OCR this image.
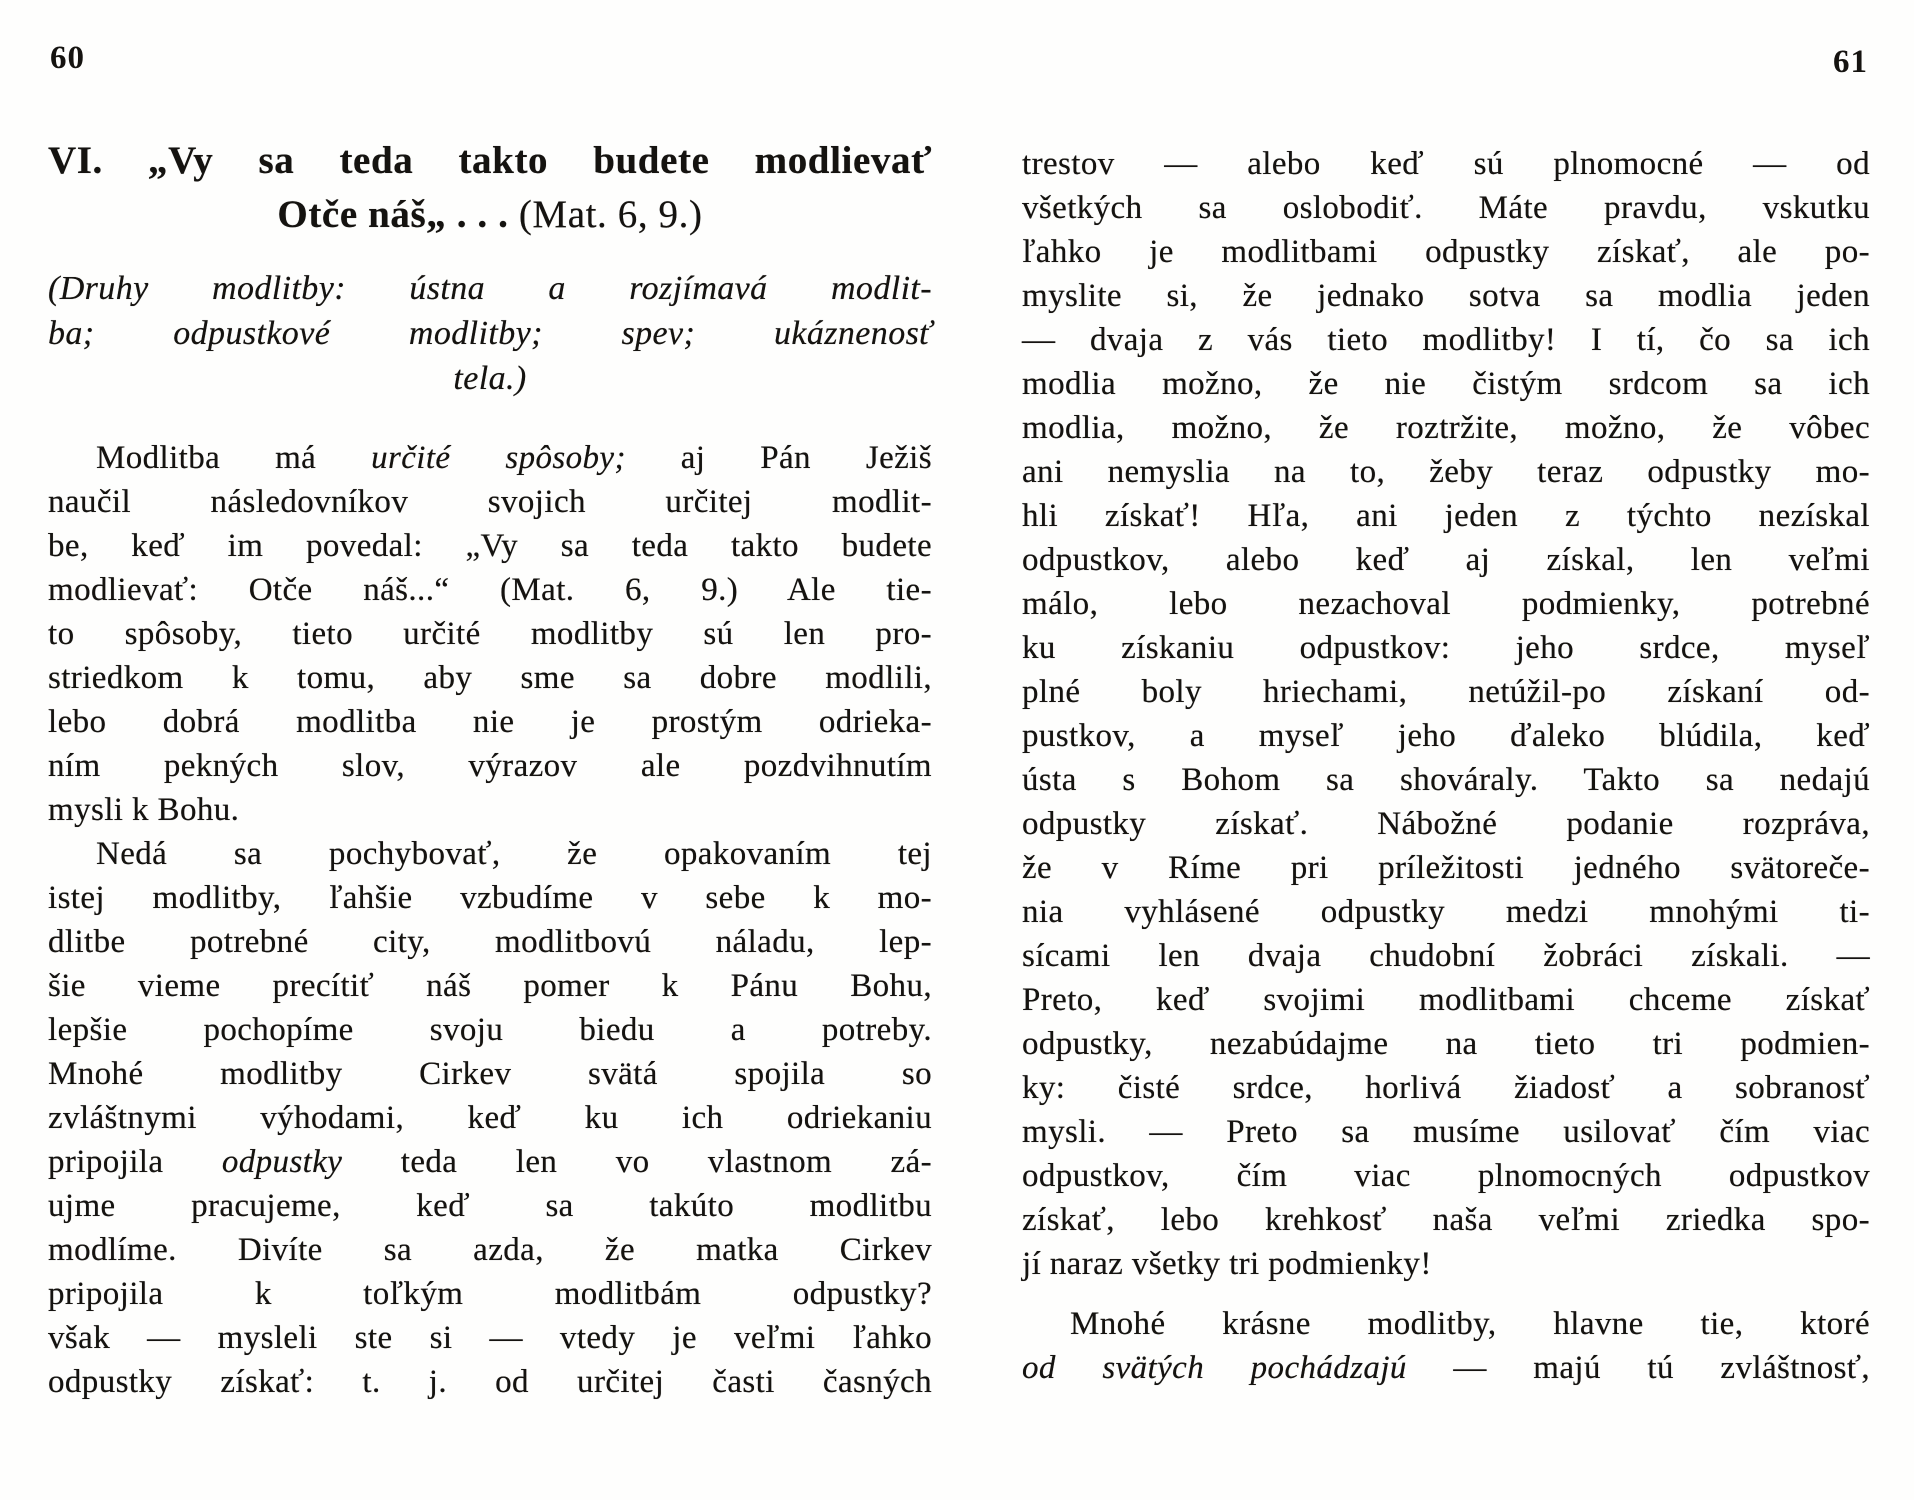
60
VI. „Vy sa teda takto budete modlievať
Otče náš„ . . . (Mat. 6, 9.)
(Druhy modlitby: ústna a rozjímavá modlit-
ba; odpustkové modlitby; spev; ukáznenosť
tela.)
Modlitba má určité spôsoby; aj Pán Ježiš
naučil následovníkov svojich určitej modlit-
be, keď im povedal: „Vy sa teda takto budete
modlievať: Otče náš...“ (Mat. 6, 9.) Ale tie-
to spôsoby, tieto určité modlitby sú len pro-
striedkom k tomu, aby sme sa dobre modlili,
lebo dobrá modlitba nie je prostým odrieka-
ním pekných slov, výrazov ale pozdvihnutím
mysli k Bohu.
Nedá sa pochybovať, že opakovaním tej
istej modlitby, ľahšie vzbudíme v sebe k mo-
dlitbe potrebné city, modlitbovú náladu, lep-
šie vieme precítiť náš pomer k Pánu Bohu,
lepšie pochopíme svoju biedu a potreby.
Mnohé modlitby Cirkev svätá spojila so
zvláštnymi výhodami, keď ku ich odriekaniu
pripojila odpustky teda len vo vlastnom zá-
ujme pracujeme, keď sa takúto modlitbu
modlíme. Divíte sa azda, že matka Cirkev
pripojila k toľkým modlitbám odpustky?
však — mysleli ste si — vtedy je veľmi ľahko
odpustky získať: t. j. od určitej časti časných
61
trestov — alebo keď sú plnomocné — od
všetkých sa oslobodiť. Máte pravdu, vskutku
ľahko je modlitbami odpustky získať, ale po-
myslite si, že jednako sotva sa modlia jeden
— dvaja z vás tieto modlitby! I tí, čo sa ich
modlia možno, že nie čistým srdcom sa ich
modlia, možno, že roztržite, možno, že vôbec
ani nemyslia na to, žeby teraz odpustky mo-
hli získať! Hľa, ani jeden z týchto nezískal
odpustkov, alebo keď aj získal, len veľmi
málo, lebo nezachoval podmienky, potrebné
ku získaniu odpustkov: jeho srdce, myseľ
plné boly hriechami, netúžil-po získaní od-
pustkov, a myseľ jeho ďaleko blúdila, keď
ústa s Bohom sa shováraly. Takto sa nedajú
odpustky získať. Nábožné podanie rozpráva,
že v Ríme pri príležitosti jedného svätoreče-
nia vyhlásené odpustky medzi mnohými ti-
sícami len dvaja chudobní žobráci získali. —
Preto, keď svojimi modlitbami chceme získať
odpustky, nezabúdajme na tieto tri podmien-
ky: čisté srdce, horlivá žiadosť a sobranosť
mysli. — Preto sa musíme usilovať čím viac
odpustkov, čím viac plnomocných odpustkov
získať, lebo krehkosť naša veľmi zriedka spo-
jí naraz všetky tri podmienky!
Mnohé krásne modlitby, hlavne tie, ktoré
od svätých pochádzajú — majú tú zvláštnosť,
